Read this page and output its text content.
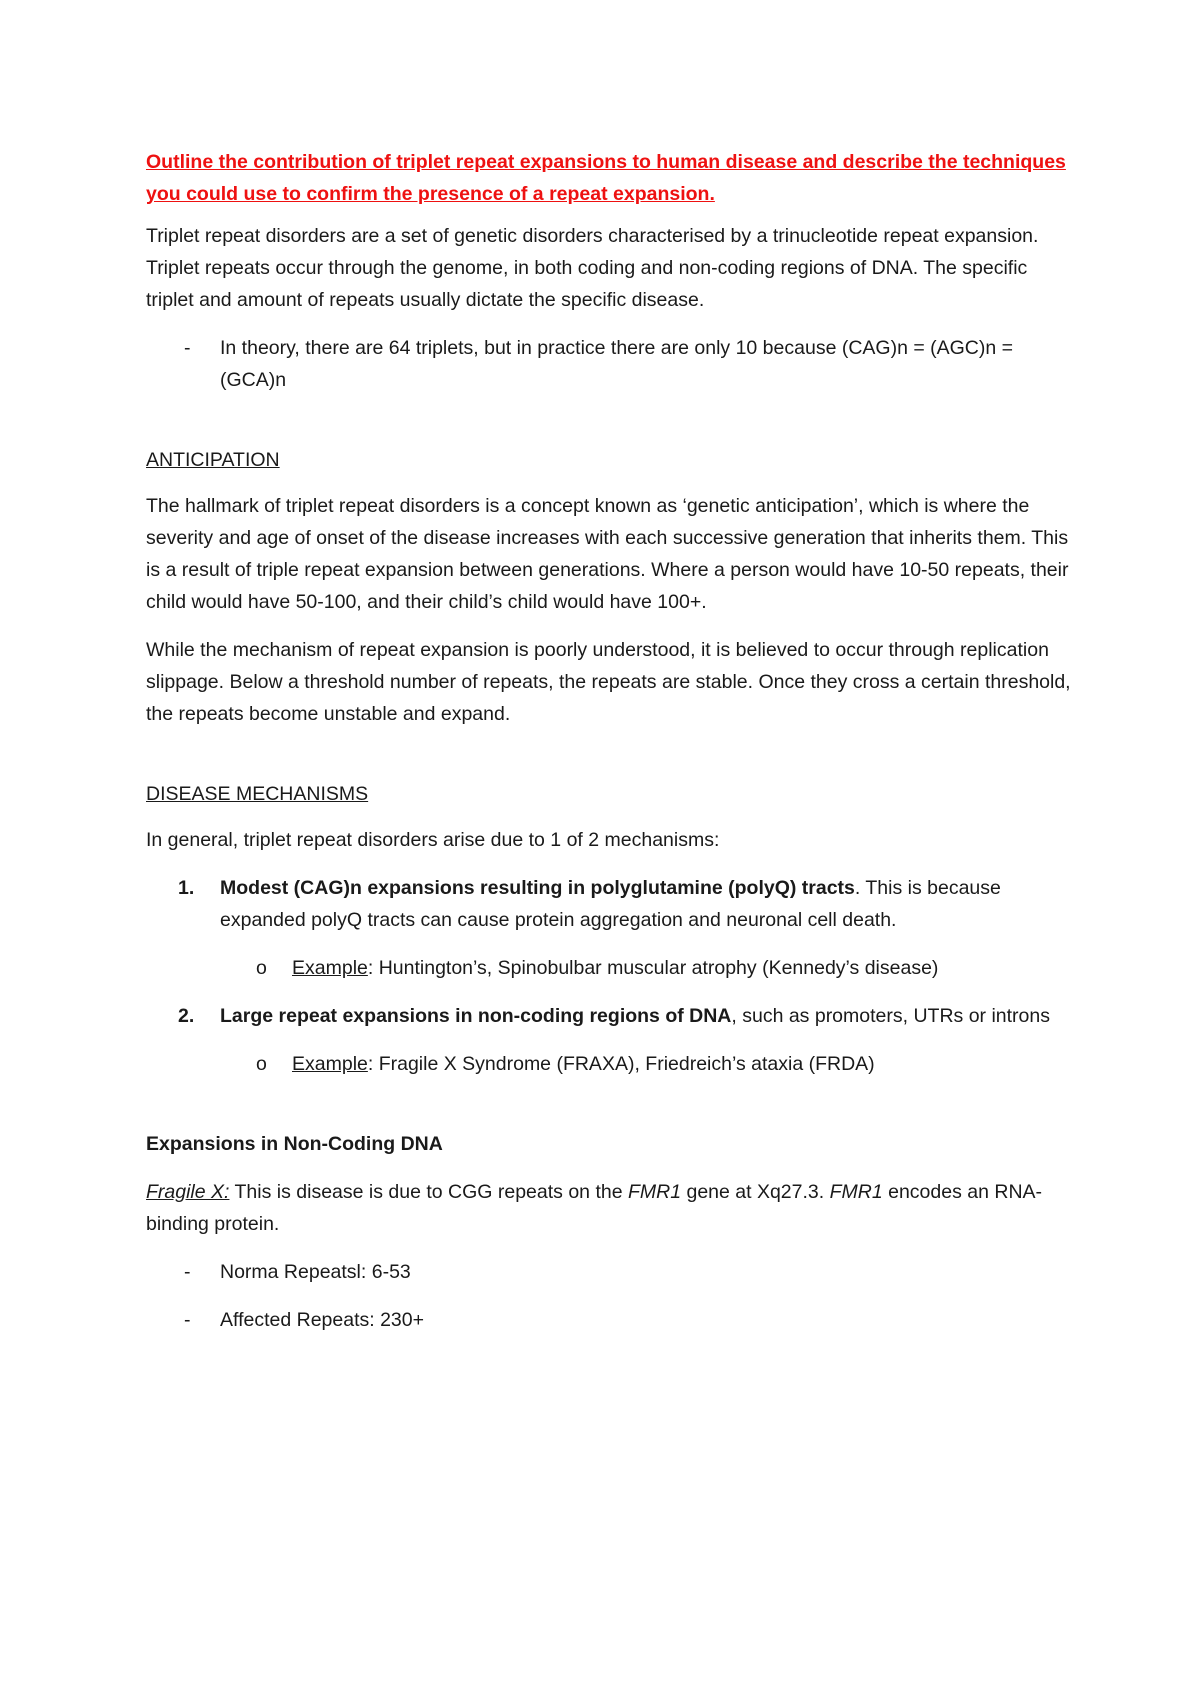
Outline the contribution of triplet repeat expansions to human disease and describe the techniques you could use to confirm the presence of a repeat expansion.

Triplet repeat disorders are a set of genetic disorders characterised by a trinucleotide repeat expansion. Triplet repeats occur through the genome, in both coding and non-coding regions of DNA. The specific triplet and amount of repeats usually dictate the specific disease.

- In theory, there are 64 triplets, but in practice there are only 10 because (CAG)n = (AGC)n = (GCA)n
ANTICIPATION

The hallmark of triplet repeat disorders is a concept known as ‘genetic anticipation’, which is where the severity and age of onset of the disease increases with each successive generation that inherits them. This is a result of triple repeat expansion between generations. Where a person would have 10-50 repeats, their child would have 50-100, and their child’s child would have 100+.

While the mechanism of repeat expansion is poorly understood, it is believed to occur through replication slippage. Below a threshold number of repeats, the repeats are stable. Once they cross a certain threshold, the repeats become unstable and expand.

DISEASE MECHANISMS

In general, triplet repeat disorders arise due to 1 of 2 mechanisms:

1. Modest (CAG)n expansions resulting in polyglutamine (polyQ) tracts. This is because expanded polyQ tracts can cause protein aggregation and neuronal cell death.
o Example: Huntington’s, Spinobulbar muscular atrophy (Kennedy’s disease)
2. Large repeat expansions in non-coding regions of DNA, such as promoters, UTRs or introns
o Example: Fragile X Syndrome (FRAXA), Friedreich’s ataxia (FRDA)

Expansions in Non-Coding DNA

Fragile X: This is disease is due to CGG repeats on the FMR1 gene at Xq27.3. FMR1 encodes an RNA-binding protein.

- Norma Repeatsl: 6-53
- Affected Repeats: 230+
